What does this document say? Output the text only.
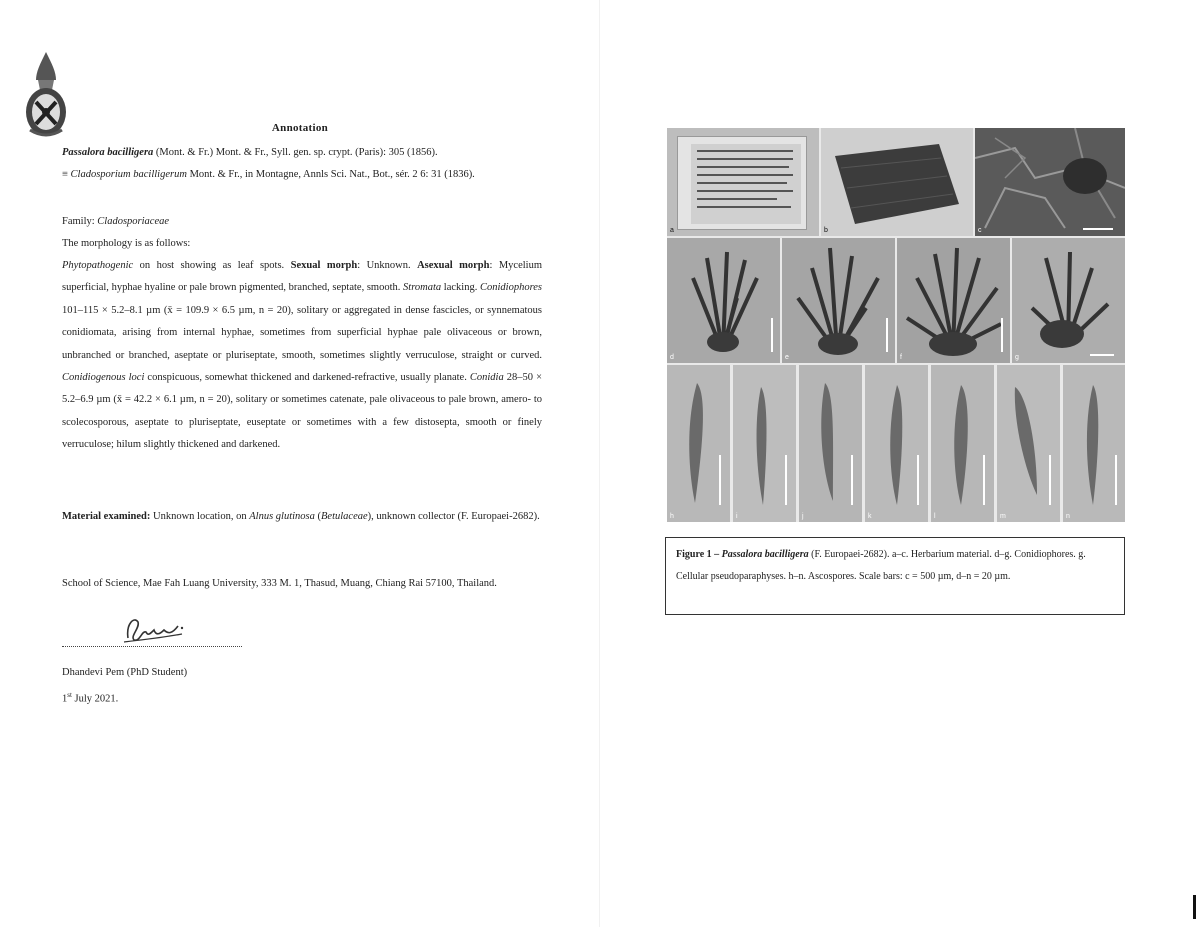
Annotation
Passalora bacilligera (Mont. & Fr.) Mont. & Fr., Syll. gen. sp. crypt. (Paris): 305 (1856).
≡ Cladosporium bacilligerum Mont. & Fr., in Montagne, Annls Sci. Nat., Bot., sér. 2 6: 31 (1836).
Family: Cladosporiaceae
The morphology is as follows:
Phytopathogenic on host showing as leaf spots. Sexual morph: Unknown. Asexual morph: Mycelium superficial, hyphae hyaline or pale brown pigmented, branched, septate, smooth. Stromata lacking. Conidiophores 101–115 × 5.2–8.1 µm (x̄ = 109.9 × 6.5 µm, n = 20), solitary or aggregated in dense fascicles, or synnematous conidiomata, arising from internal hyphae, sometimes from superficial hyphae pale olivaceous or brown, unbranched or branched, aseptate or pluriseptate, smooth, sometimes slightly verruculose, straight or curved. Conidiogenous loci conspicuous, somewhat thickened and darkened-refractive, usually planate. Conidia 28–50 × 5.2–6.9 µm (x̄ = 42.2 × 6.1 µm, n = 20), solitary or sometimes catenate, pale olivaceous to pale brown, amero- to scolecosporous, aseptate to pluriseptate, euseptate or sometimes with a few distosepta, smooth or finely verruculose; hilum slightly thickened and darkened.
Material examined: Unknown location, on Alnus glutinosa (Betulaceae), unknown collector (F. Europaei-2682).
School of Science, Mae Fah Luang University, 333 M. 1, Thasud, Muang, Chiang Rai 57100, Thailand.
Dhandevi Pem (PhD Student)
1st July 2021.
a	b	c
d	e	f	g
h	i	j	k	l	m	n
Figure 1 – Passalora bacilligera (F. Europaei-2682). a–c. Herbarium material. d–g. Conidiophores. g. Cellular pseudoparaphyses. h–n. Ascospores. Scale bars: c = 500 µm, d–n = 20 µm.
